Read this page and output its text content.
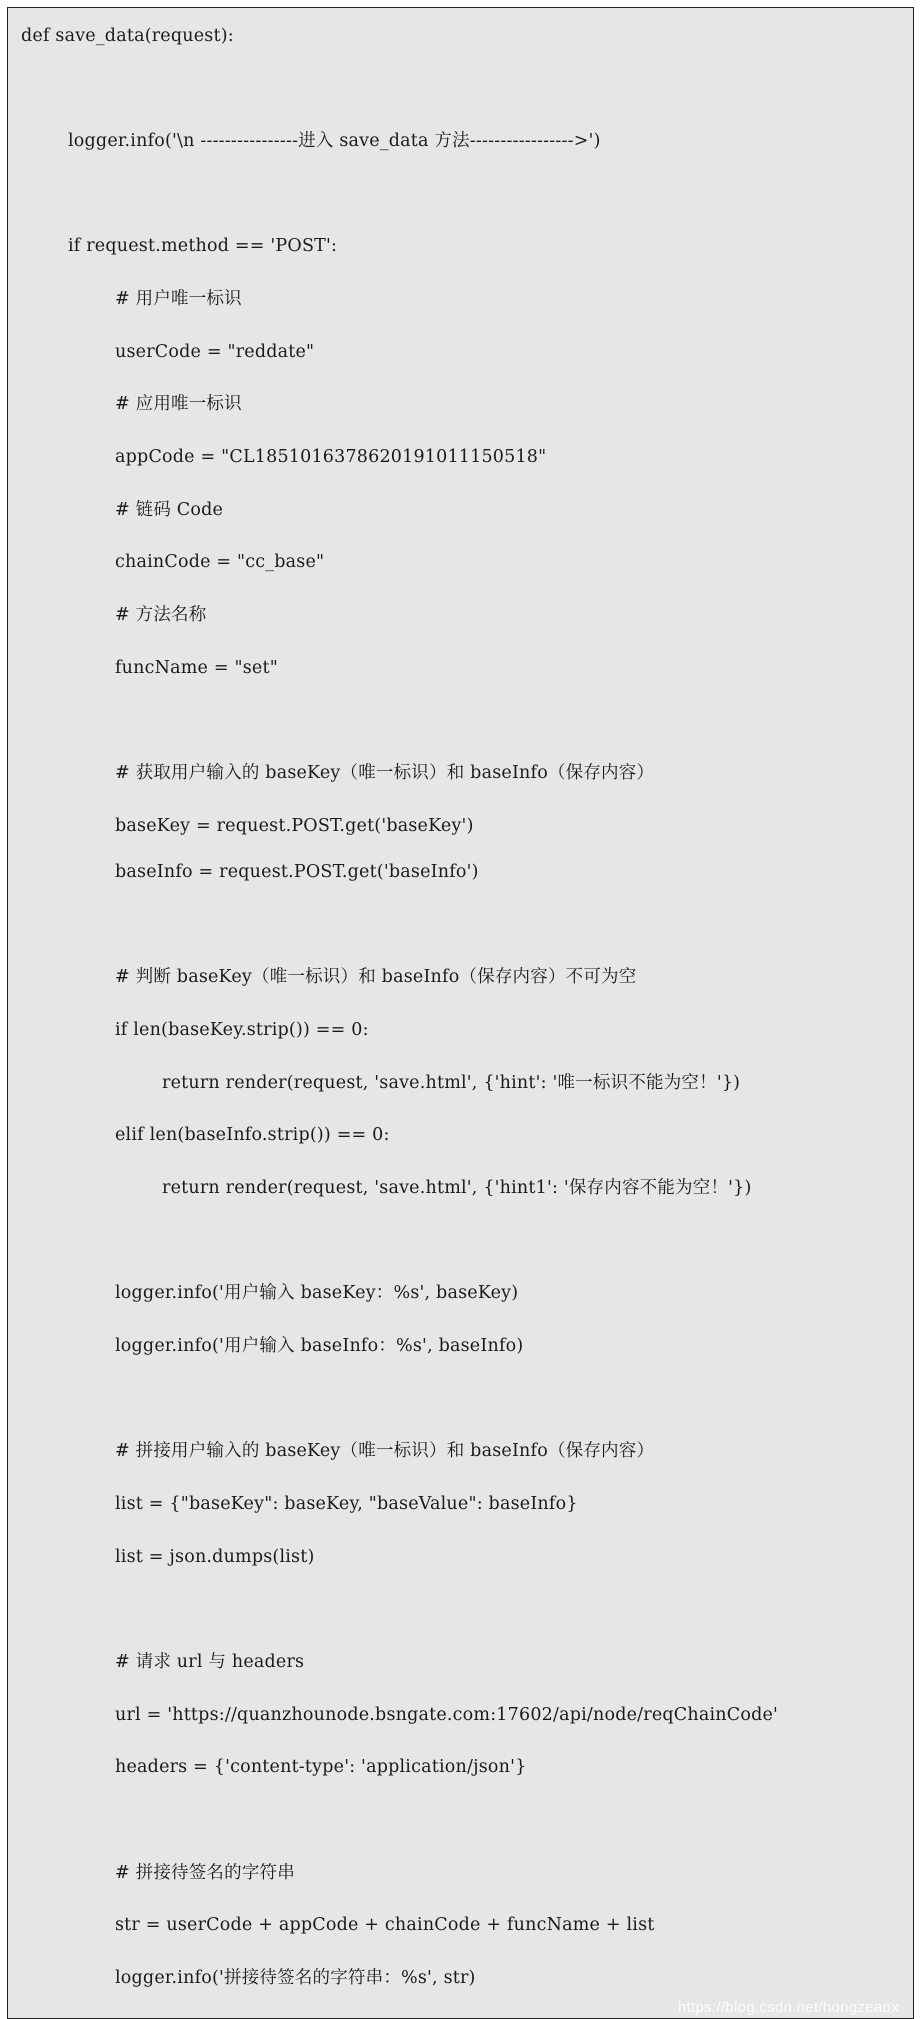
def save_data(request):
logger.info('\n ----------------进入 save_data 方法----------------->')
if request.method == 'POST':
# 用户唯一标识
userCode = "reddate"
# 应用唯一标识
appCode = "CL1851016378620191011150518"
# 链码 Code
chainCode = "cc_base"
# 方法名称
funcName = "set"
# 获取用户输入的 baseKey（唯一标识）和 baseInfo（保存内容）
baseKey = request.POST.get('baseKey')
baseInfo = request.POST.get('baseInfo')
# 判断 baseKey（唯一标识）和 baseInfo（保存内容）不可为空
if len(baseKey.strip()) == 0:
return render(request, 'save.html', {'hint': '唯一标识不能为空！'})
elif len(baseInfo.strip()) == 0:
return render(request, 'save.html', {'hint1': '保存内容不能为空！'})
logger.info('用户输入 baseKey：%s', baseKey)
logger.info('用户输入 baseInfo：%s', baseInfo)
# 拼接用户输入的 baseKey（唯一标识）和 baseInfo（保存内容）
list = {"baseKey": baseKey, "baseValue": baseInfo}
list = json.dumps(list)
# 请求 url 与 headers
url = 'https://quanzhounode.bsngate.com:17602/api/node/reqChainCode'
headers = {'content-type': 'application/json'}
# 拼接待签名的字符串
str = userCode + appCode + chainCode + funcName + list
logger.info('拼接待签名的字符串：%s', str)
https://blog.csdn.net/hongzeaox
